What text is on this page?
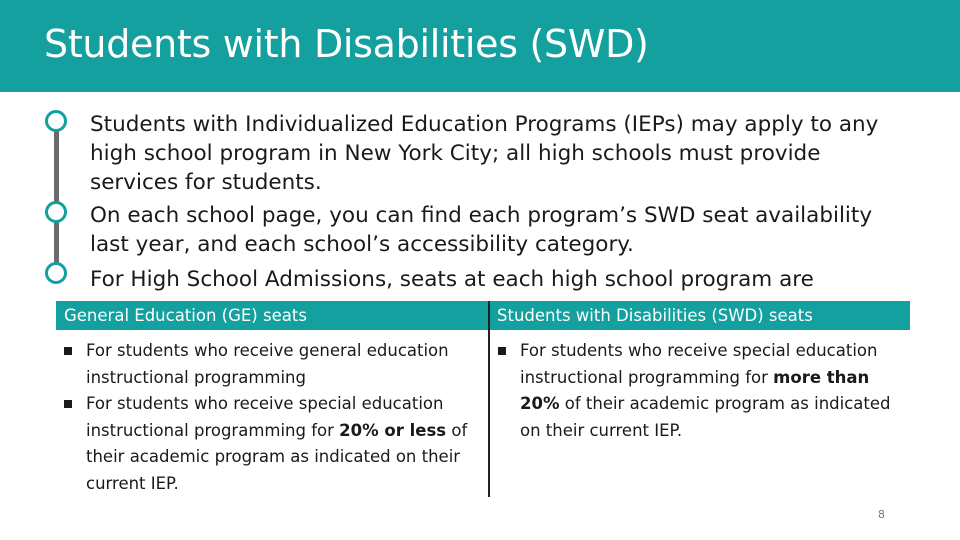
Students with Disabilities (SWD)
Students with Individualized Education Programs (IEPs) may apply to any high school program in New York City; all high schools must provide services for students.
On each school page, you can find each program’s SWD seat availability last year, and each school’s accessibility category.
For High School Admissions, seats at each high school program are
General Education (GE) seats	Students with Disabilities (SWD) seats
For students who receive general education instructional programming
For students who receive special education instructional programming for 20% or less of their academic program as indicated on their current IEP.
For students who receive special education instructional programming for more than 20% of their academic program as indicated on their current IEP.
8
